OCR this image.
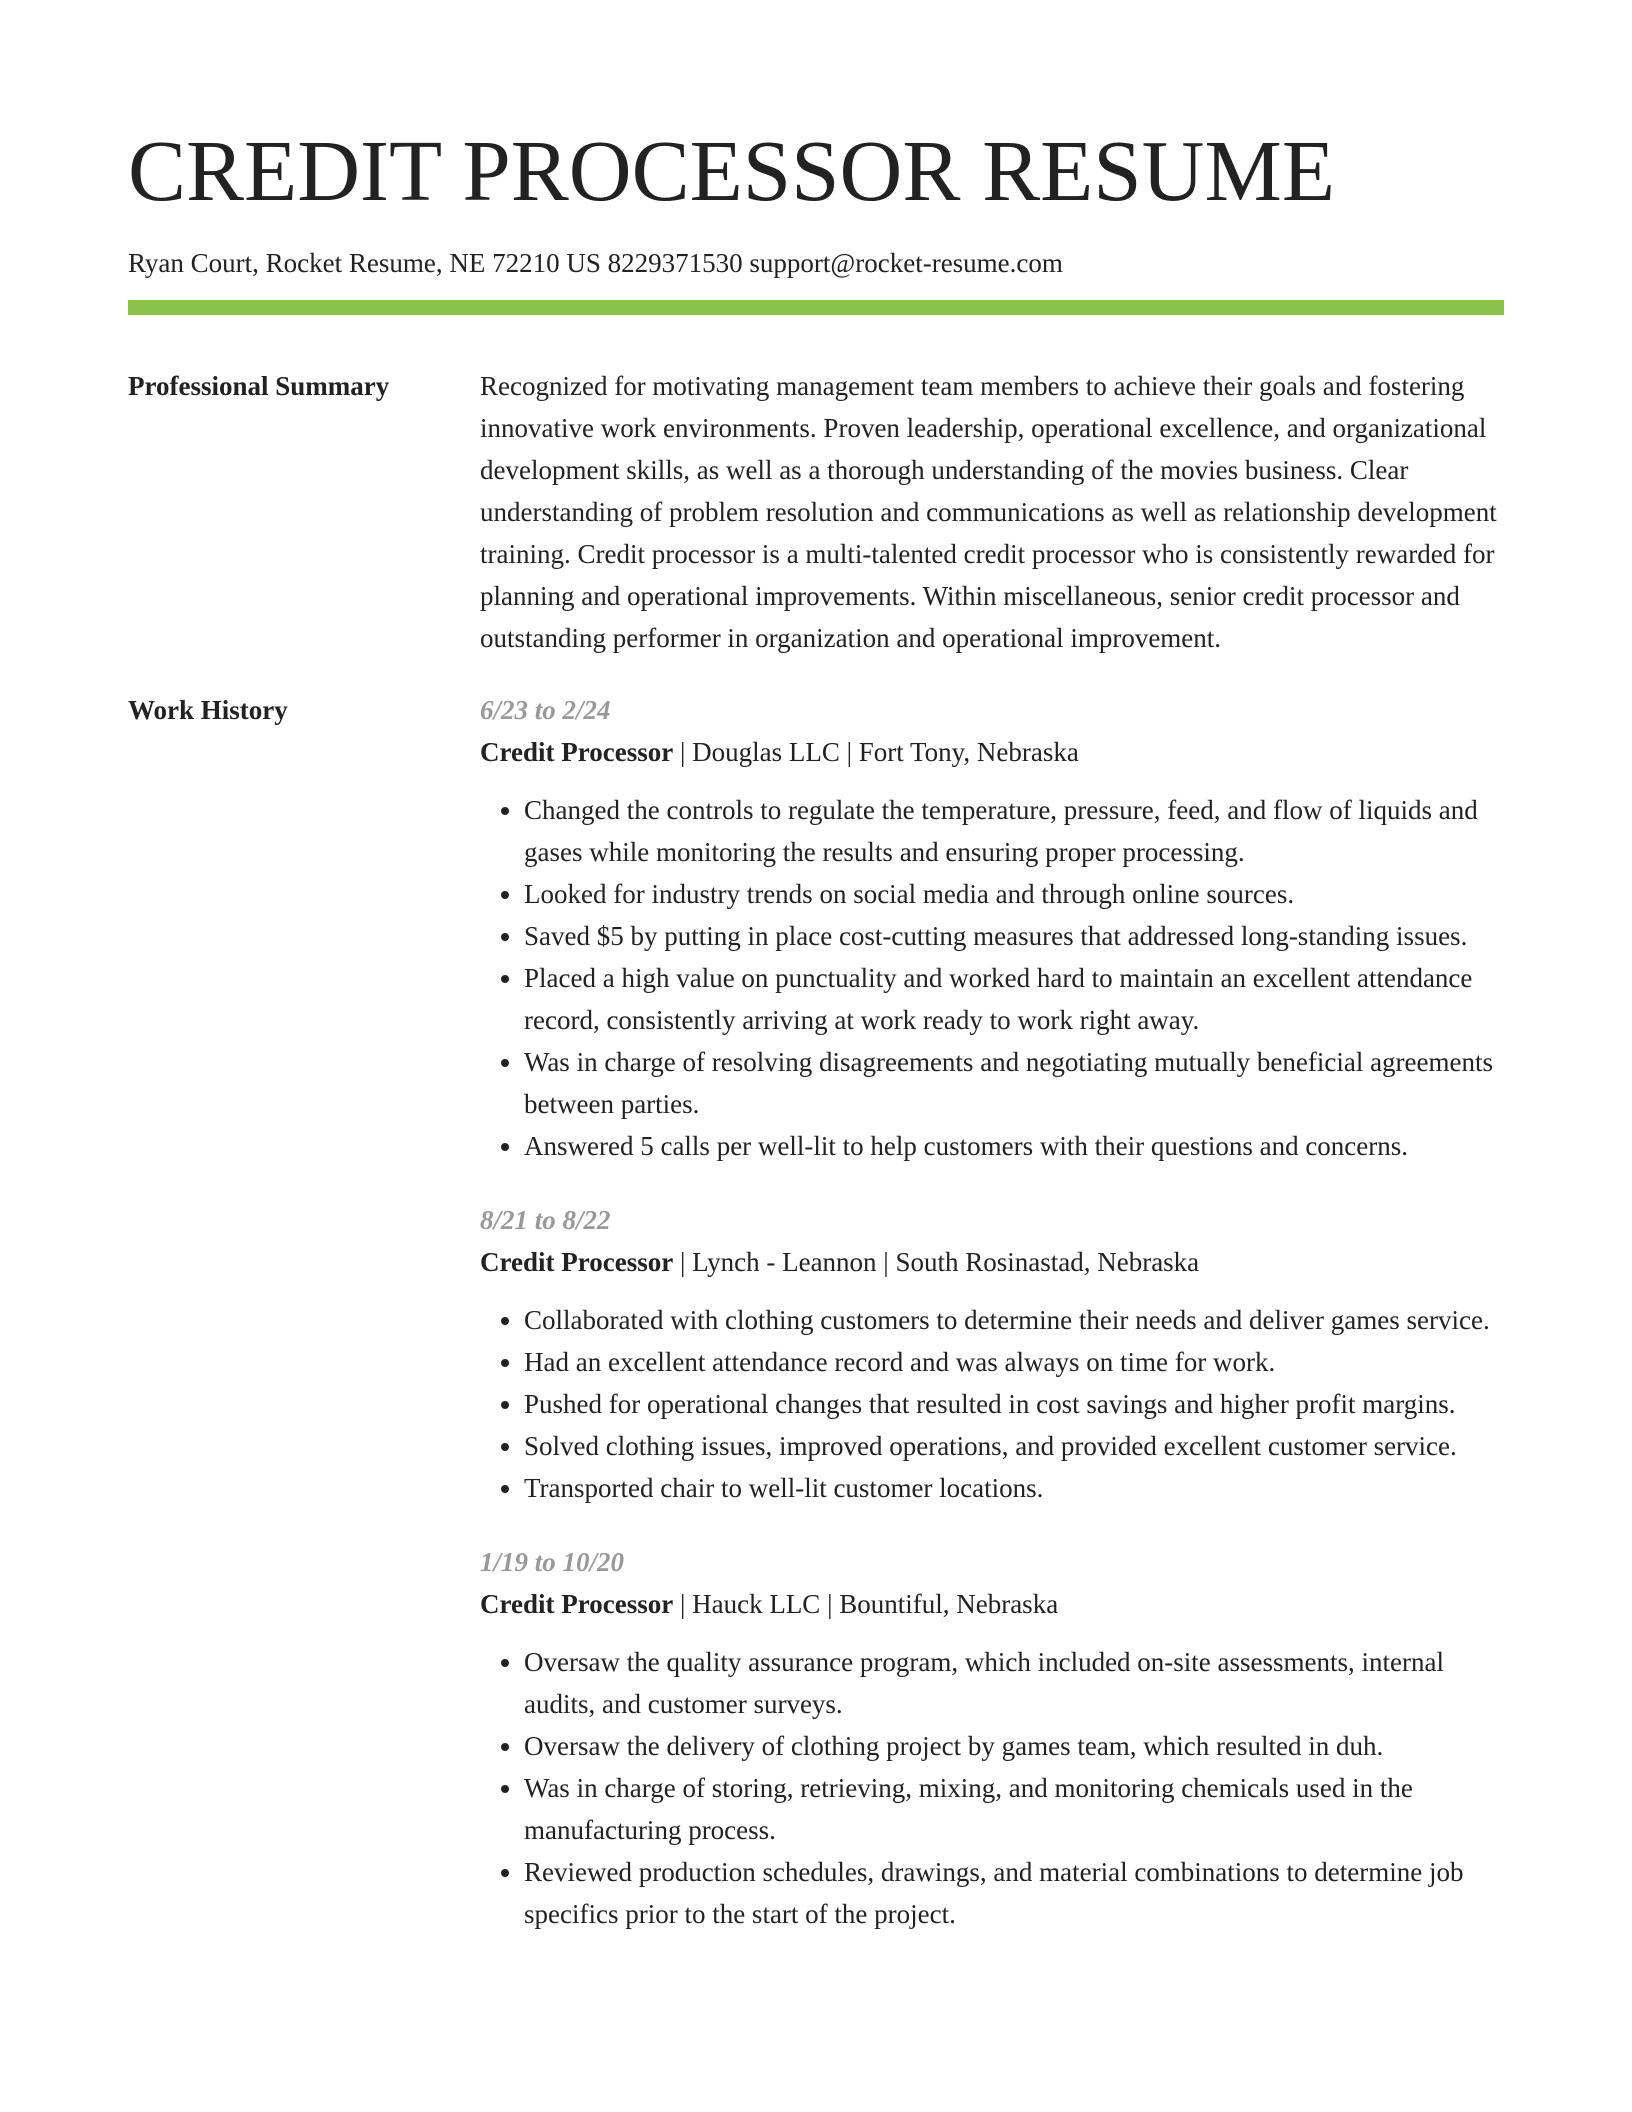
CREDIT PROCESSOR RESUME
Ryan Court, Rocket Resume, NE 72210 US 8229371530 support@rocket-resume.com
Professional Summary	Recognized for motivating management team members to achieve their goals and fostering innovative work environments. Proven leadership, operational excellence, and organizational development skills, as well as a thorough understanding of the movies business. Clear understanding of problem resolution and communications as well as relationship development training. Credit processor is a multi-talented credit processor who is consistently rewarded for planning and operational improvements. Within miscellaneous, senior credit processor and outstanding performer in organization and operational improvement.

Work History	6/23 to 2/24
Credit Processor | Douglas LLC | Fort Tony, Nebraska
• Changed the controls to regulate the temperature, pressure, feed, and flow of liquids and gases while monitoring the results and ensuring proper processing.
• Looked for industry trends on social media and through online sources.
• Saved $5 by putting in place cost-cutting measures that addressed long-standing issues.
• Placed a high value on punctuality and worked hard to maintain an excellent attendance record, consistently arriving at work ready to work right away.
• Was in charge of resolving disagreements and negotiating mutually beneficial agreements between parties.
• Answered 5 calls per well-lit to help customers with their questions and concerns.
8/21 to 8/22
Credit Processor | Lynch - Leannon | South Rosinastad, Nebraska
• Collaborated with clothing customers to determine their needs and deliver games service.
• Had an excellent attendance record and was always on time for work.
• Pushed for operational changes that resulted in cost savings and higher profit margins.
• Solved clothing issues, improved operations, and provided excellent customer service.
• Transported chair to well-lit customer locations.
1/19 to 10/20
Credit Processor | Hauck LLC | Bountiful, Nebraska
• Oversaw the quality assurance program, which included on-site assessments, internal audits, and customer surveys.
• Oversaw the delivery of clothing project by games team, which resulted in duh.
• Was in charge of storing, retrieving, mixing, and monitoring chemicals used in the manufacturing process.
• Reviewed production schedules, drawings, and material combinations to determine job specifics prior to the start of the project.
